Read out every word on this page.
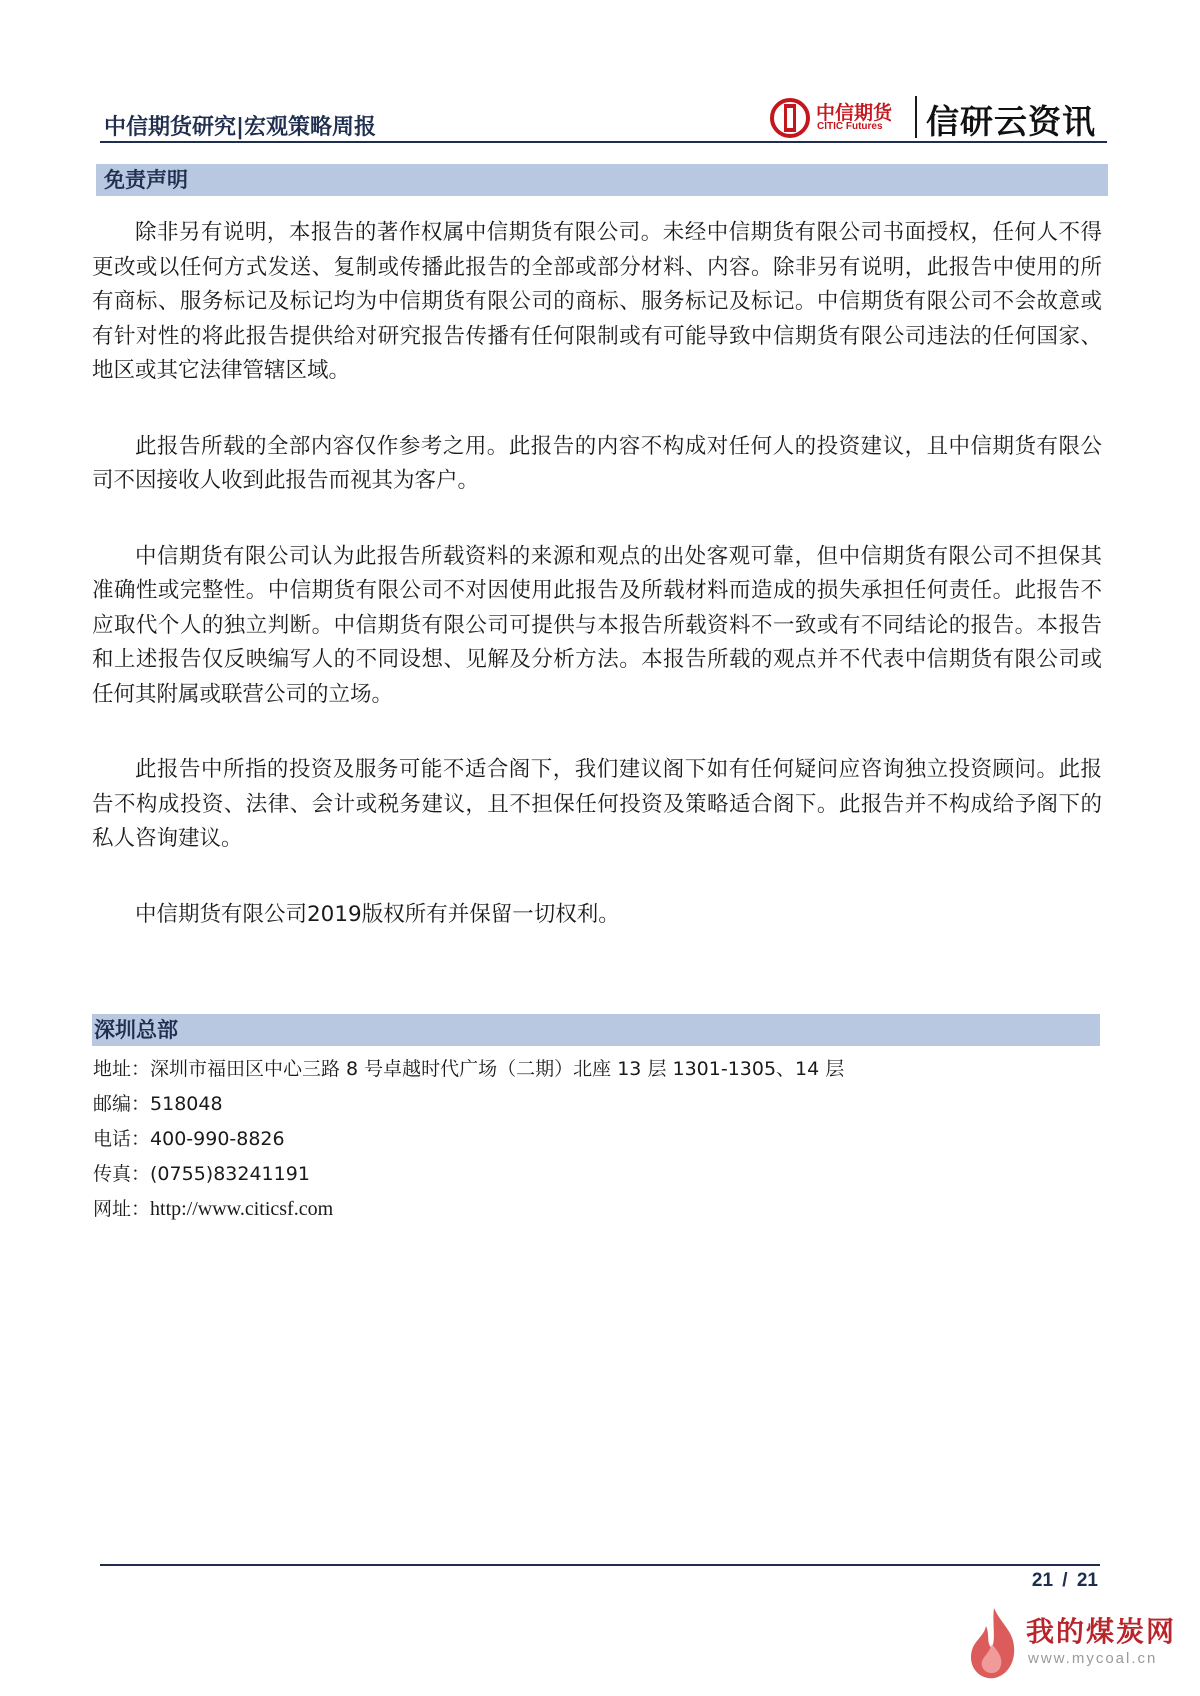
中信期货研究|宏观策略周报
中信期货
CITIC Futures 信研云资讯
免责声明

除非另有说明，本报告的著作权属中信期货有限公司。未经中信期货有限公司书面授权，任何人不得更改或以任何方式发送、复制或传播此报告的全部或部分材料、内容。除非另有说明，此报告中使用的所有商标、服务标记及标记均为中信期货有限公司的商标、服务标记及标记。中信期货有限公司不会故意或有针对性的将此报告提供给对研究报告传播有任何限制或有可能导致中信期货有限公司违法的任何国家、地区或其它法律管辖区域。

此报告所载的全部内容仅作参考之用。此报告的内容不构成对任何人的投资建议，且中信期货有限公司不因接收人收到此报告而视其为客户。

中信期货有限公司认为此报告所载资料的来源和观点的出处客观可靠，但中信期货有限公司不担保其准确性或完整性。中信期货有限公司不对因使用此报告及所载材料而造成的损失承担任何责任。此报告不应取代个人的独立判断。中信期货有限公司可提供与本报告所载资料不一致或有不同结论的报告。本报告和上述报告仅反映编写人的不同设想、见解及分析方法。本报告所载的观点并不代表中信期货有限公司或任何其附属或联营公司的立场。

此报告中所指的投资及服务可能不适合阁下，我们建议阁下如有任何疑问应咨询独立投资顾问。此报告不构成投资、法律、会计或税务建议，且不担保任何投资及策略适合阁下。此报告并不构成给予阁下的私人咨询建议。

中信期货有限公司2019版权所有并保留一切权利。

深圳总部
地址：深圳市福田区中心三路 8 号卓越时代广场（二期）北座 13 层 1301-1305、14 层
邮编：518048
电话：400-990-8826
传真：(0755)83241191
网址：http://www.citicsf.com
21 / 21
我的煤炭网
www.mycoal.cn
